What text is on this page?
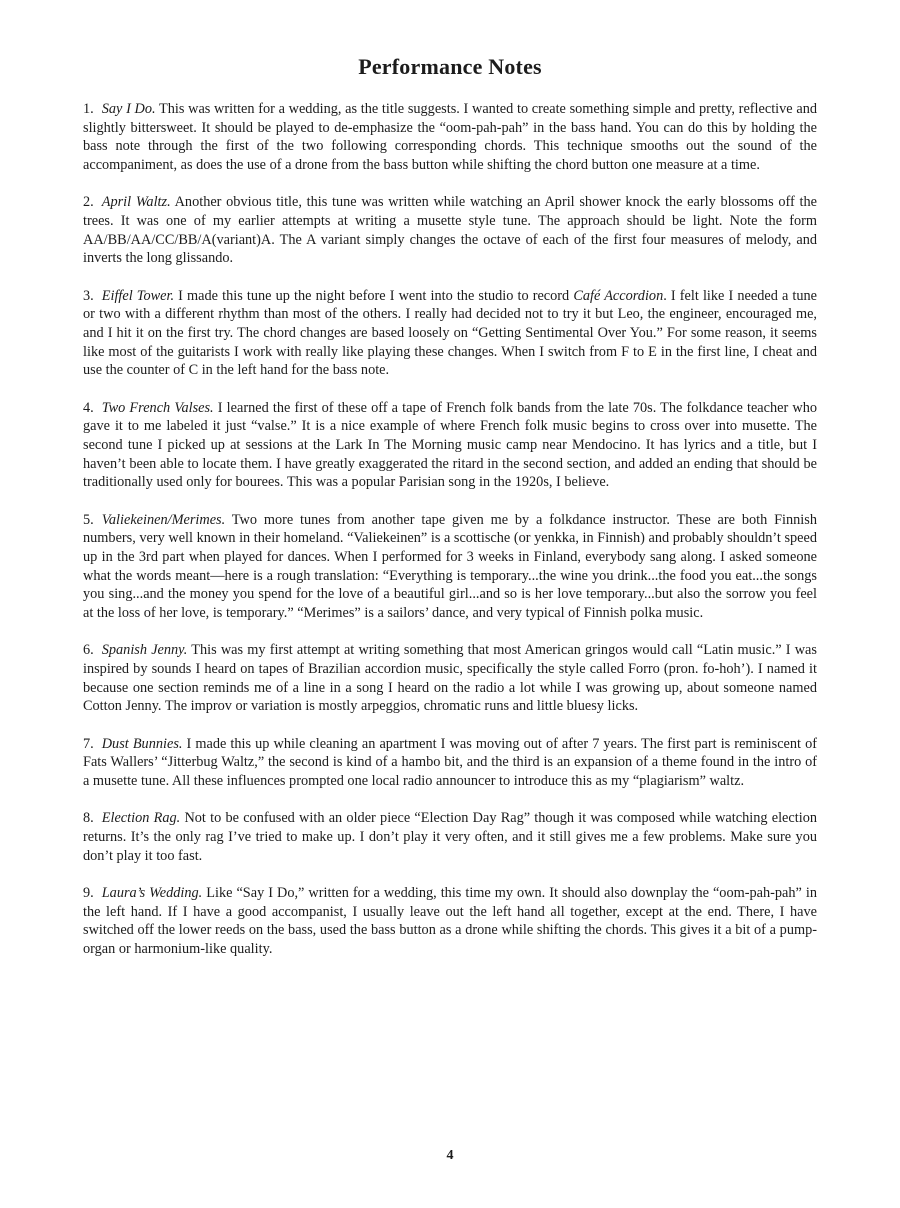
Performance Notes

1. Say I Do. This was written for a wedding, as the title suggests. I wanted to create something simple and pretty, reflective and slightly bittersweet. It should be played to de-emphasize the “oom-pah-pah” in the bass hand. You can do this by holding the bass note through the first of the two following corresponding chords. This technique smooths out the sound of the accompaniment, as does the use of a drone from the bass button while shifting the chord button one measure at a time.

2. April Waltz. Another obvious title, this tune was written while watching an April shower knock the early blossoms off the trees. It was one of my earlier attempts at writing a musette style tune. The approach should be light. Note the form AA/BB/AA/CC/BB/A(variant)A. The A variant simply changes the octave of each of the first four measures of melody, and inverts the long glissando.

3. Eiffel Tower. I made this tune up the night before I went into the studio to record Café Accordion. I felt like I needed a tune or two with a different rhythm than most of the others. I really had decided not to try it but Leo, the engineer, encouraged me, and I hit it on the first try. The chord changes are based loosely on “Getting Sentimental Over You.” For some reason, it seems like most of the guitarists I work with really like playing these changes. When I switch from F to E in the first line, I cheat and use the counter of C in the left hand for the bass note.

4. Two French Valses. I learned the first of these off a tape of French folk bands from the late 70s. The folkdance teacher who gave it to me labeled it just “valse.” It is a nice example of where French folk music begins to cross over into musette. The second tune I picked up at sessions at the Lark In The Morning music camp near Mendocino. It has lyrics and a title, but I haven’t been able to locate them. I have greatly exaggerated the ritard in the second section, and added an ending that should be traditionally used only for bourees. This was a popular Parisian song in the 1920s, I believe.

5. Valiekeinen/Merimes. Two more tunes from another tape given me by a folkdance instructor. These are both Finnish numbers, very well known in their homeland. “Valiekeinen” is a scottische (or yenkka, in Finnish) and probably shouldn’t speed up in the 3rd part when played for dances. When I performed for 3 weeks in Finland, everybody sang along. I asked someone what the words meant—here is a rough translation: “Everything is temporary...the wine you drink...the food you eat...the songs you sing...and the money you spend for the love of a beautiful girl...and so is her love temporary...but also the sorrow you feel at the loss of her love, is temporary.” “Merimes” is a sailors’ dance, and very typical of Finnish polka music.

6. Spanish Jenny. This was my first attempt at writing something that most American gringos would call “Latin music.” I was inspired by sounds I heard on tapes of Brazilian accordion music, specifically the style called Forro (pron. fo-hoh’). I named it because one section reminds me of a line in a song I heard on the radio a lot while I was growing up, about someone named Cotton Jenny. The improv or variation is mostly arpeggios, chromatic runs and little bluesy licks.

7. Dust Bunnies. I made this up while cleaning an apartment I was moving out of after 7 years. The first part is reminiscent of Fats Wallers’ “Jitterbug Waltz,” the second is kind of a hambo bit, and the third is an expansion of a theme found in the intro of a musette tune. All these influences prompted one local radio announcer to introduce this as my “plagiarism” waltz.

8. Election Rag. Not to be confused with an older piece “Election Day Rag” though it was composed while watching election returns. It’s the only rag I’ve tried to make up. I don’t play it very often, and it still gives me a few problems. Make sure you don’t play it too fast.

9. Laura’s Wedding. Like “Say I Do,” written for a wedding, this time my own. It should also downplay the “oom-pah-pah” in the left hand. If I have a good accompanist, I usually leave out the left hand all together, except at the end. There, I have switched off the lower reeds on the bass, used the bass button as a drone while shifting the chords. This gives it a bit of a pump-organ or harmonium-like quality.

4
